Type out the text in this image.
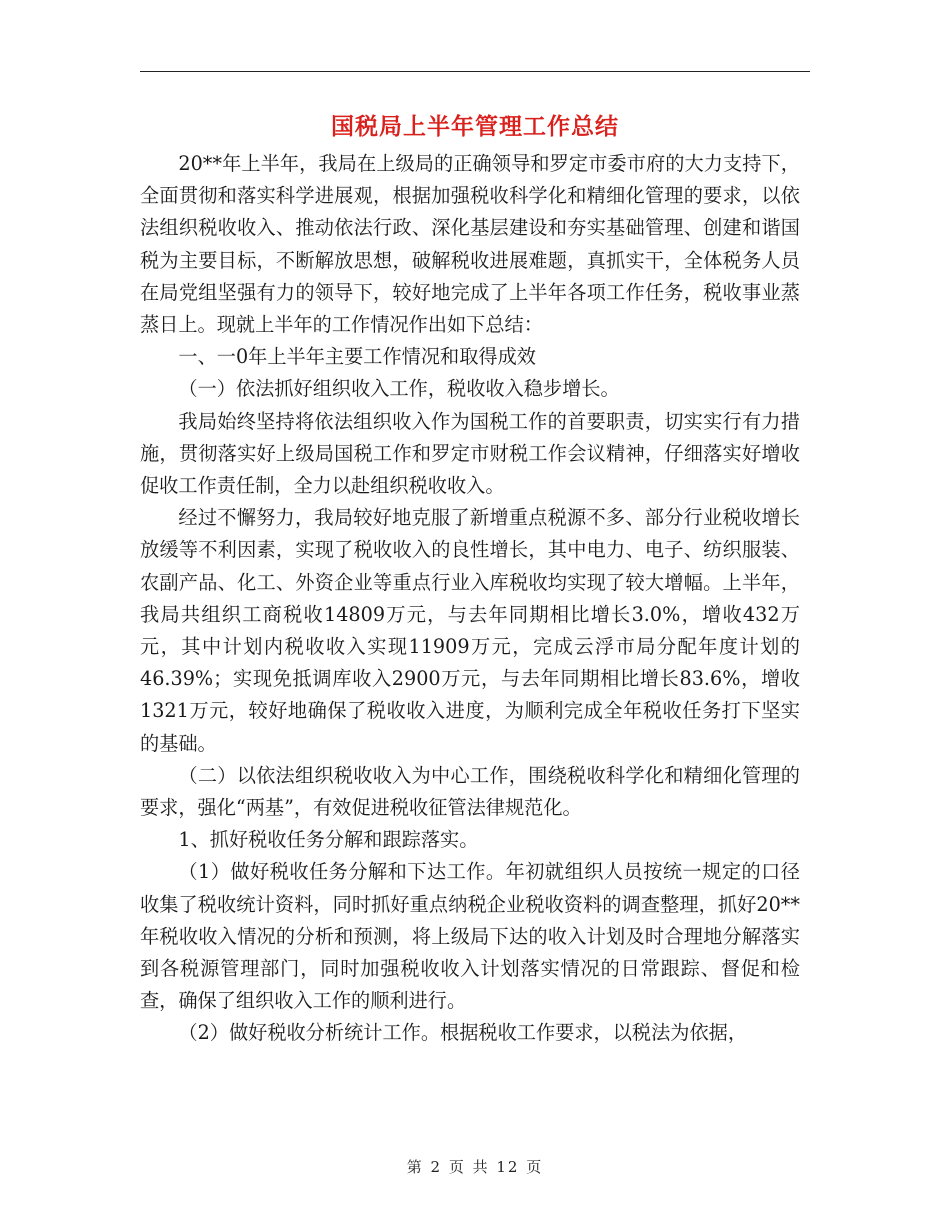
国税局上半年管理工作总结

20**年上半年，我局在上级局的正确领导和罗定市委市府的大力支持下，全面贯彻和落实科学进展观，根据加强税收科学化和精细化管理的要求，以依法组织税收收入、推动依法行政、深化基层建设和夯实基础管理、创建和谐国税为主要目标，不断解放思想，破解税收进展难题，真抓实干，全体税务人员在局党组坚强有力的领导下，较好地完成了上半年各项工作任务，税收事业蒸蒸日上。现就上半年的工作情况作出如下总结：

一、一0年上半年主要工作情况和取得成效

（一）依法抓好组织收入工作，税收收入稳步增长。

我局始终坚持将依法组织收入作为国税工作的首要职责，切实实行有力措施，贯彻落实好上级局国税工作和罗定市财税工作会议精神，仔细落实好增收促收工作责任制，全力以赴组织税收收入。

经过不懈努力，我局较好地克服了新增重点税源不多、部分行业税收增长放缓等不利因素，实现了税收收入的良性增长，其中电力、电子、纺织服装、农副产品、化工、外资企业等重点行业入库税收均实现了较大增幅。上半年，我局共组织工商税收14809万元，与去年同期相比增长3.0%，增收432万元，其中计划内税收收入实现11909万元，完成云浮市局分配年度计划的46.39%；实现免抵调库收入2900万元，与去年同期相比增长83.6%，增收1321万元，较好地确保了税收收入进度，为顺利完成全年税收任务打下坚实的基础。

（二）以依法组织税收收入为中心工作，围绕税收科学化和精细化管理的要求，强化“两基”，有效促进税收征管法律规范化。

1、抓好税收任务分解和跟踪落实。

（1）做好税收任务分解和下达工作。年初就组织人员按统一规定的口径收集了税收统计资料，同时抓好重点纳税企业税收资料的调查整理，抓好20**年税收收入情况的分析和预测，将上级局下达的收入计划及时合理地分解落实到各税源管理部门，同时加强税收收入计划落实情况的日常跟踪、督促和检查，确保了组织收入工作的顺利进行。

（2）做好税收分析统计工作。根据税收工作要求，以税法为依据，

第 2 页 共 12 页
